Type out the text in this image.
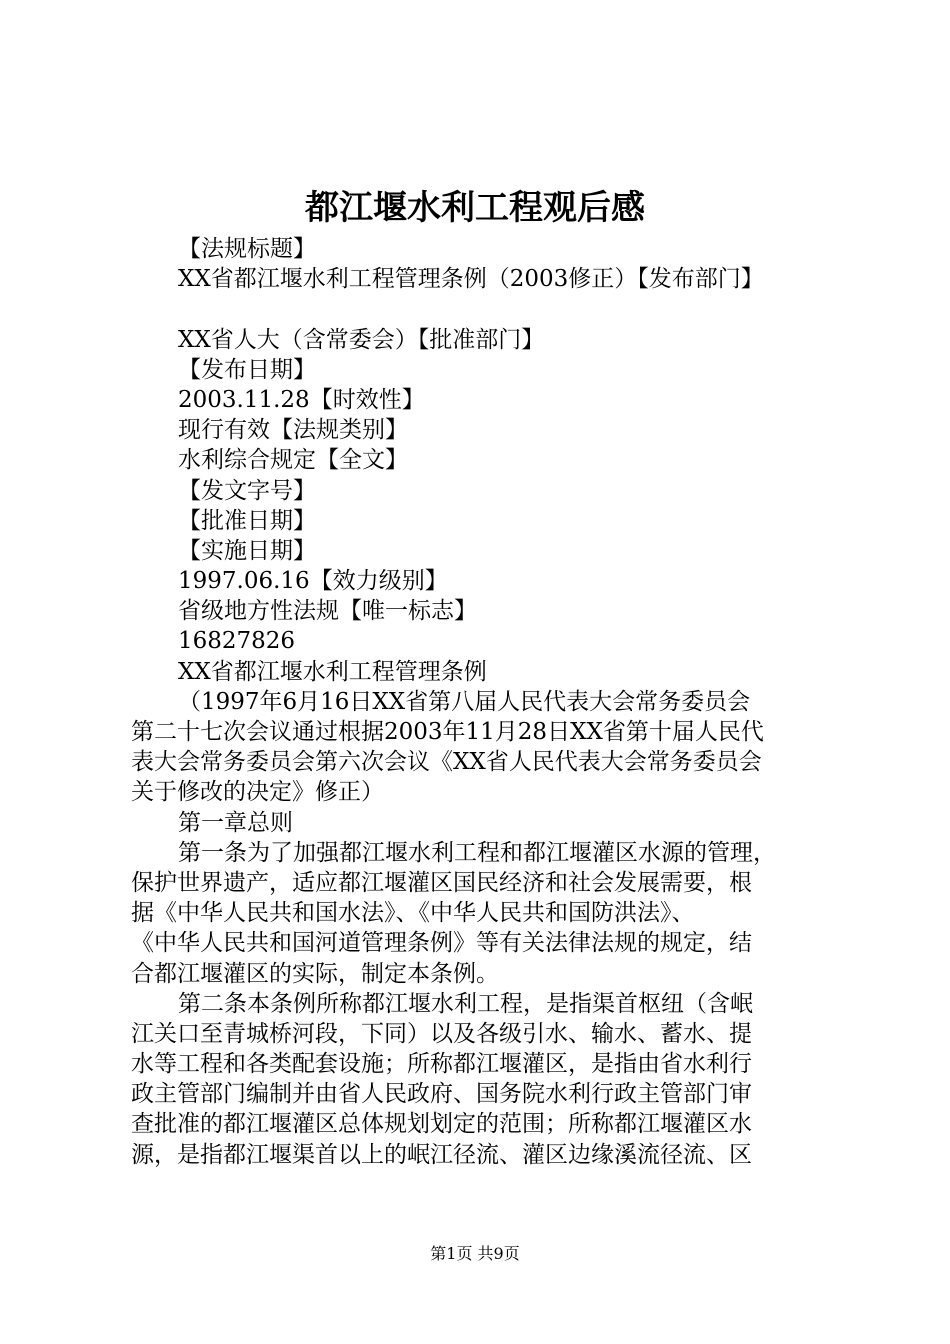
都江堰水利工程观后感
【法规标题】
XX省都江堰水利工程管理条例（2003修正）【发布部门】
XX省人大（含常委会）【批准部门】
【发布日期】
2003.11.28【时效性】
现行有效【法规类别】
水利综合规定【全文】
【发文字号】
【批准日期】
【实施日期】
1997.06.16【效力级别】
省级地方性法规【唯一标志】
16827826
XX省都江堰水利工程管理条例
（1997年6月16日XX省第八届人民代表大会常务委员会
第二十七次会议通过根据2003年11月28日XX省第十届人民代
表大会常务委员会第六次会议《XX省人民代表大会常务委员会
关于修改的决定》修正）
第一章总则
第一条为了加强都江堰水利工程和都江堰灌区水源的管理，
保护世界遗产，适应都江堰灌区国民经济和社会发展需要，根
据《中华人民共和国水法》、《中华人民共和国防洪法》、
《中华人民共和国河道管理条例》等有关法律法规的规定，结
合都江堰灌区的实际，制定本条例。
第二条本条例所称都江堰水利工程，是指渠首枢纽（含岷
江关口至青城桥河段，下同）以及各级引水、输水、蓄水、提
水等工程和各类配套设施；所称都江堰灌区，是指由省水利行
政主管部门编制并由省人民政府、国务院水利行政主管部门审
查批准的都江堰灌区总体规划划定的范围；所称都江堰灌区水
源，是指都江堰渠首以上的岷江径流、灌区边缘溪流径流、区
第1页 共9页
